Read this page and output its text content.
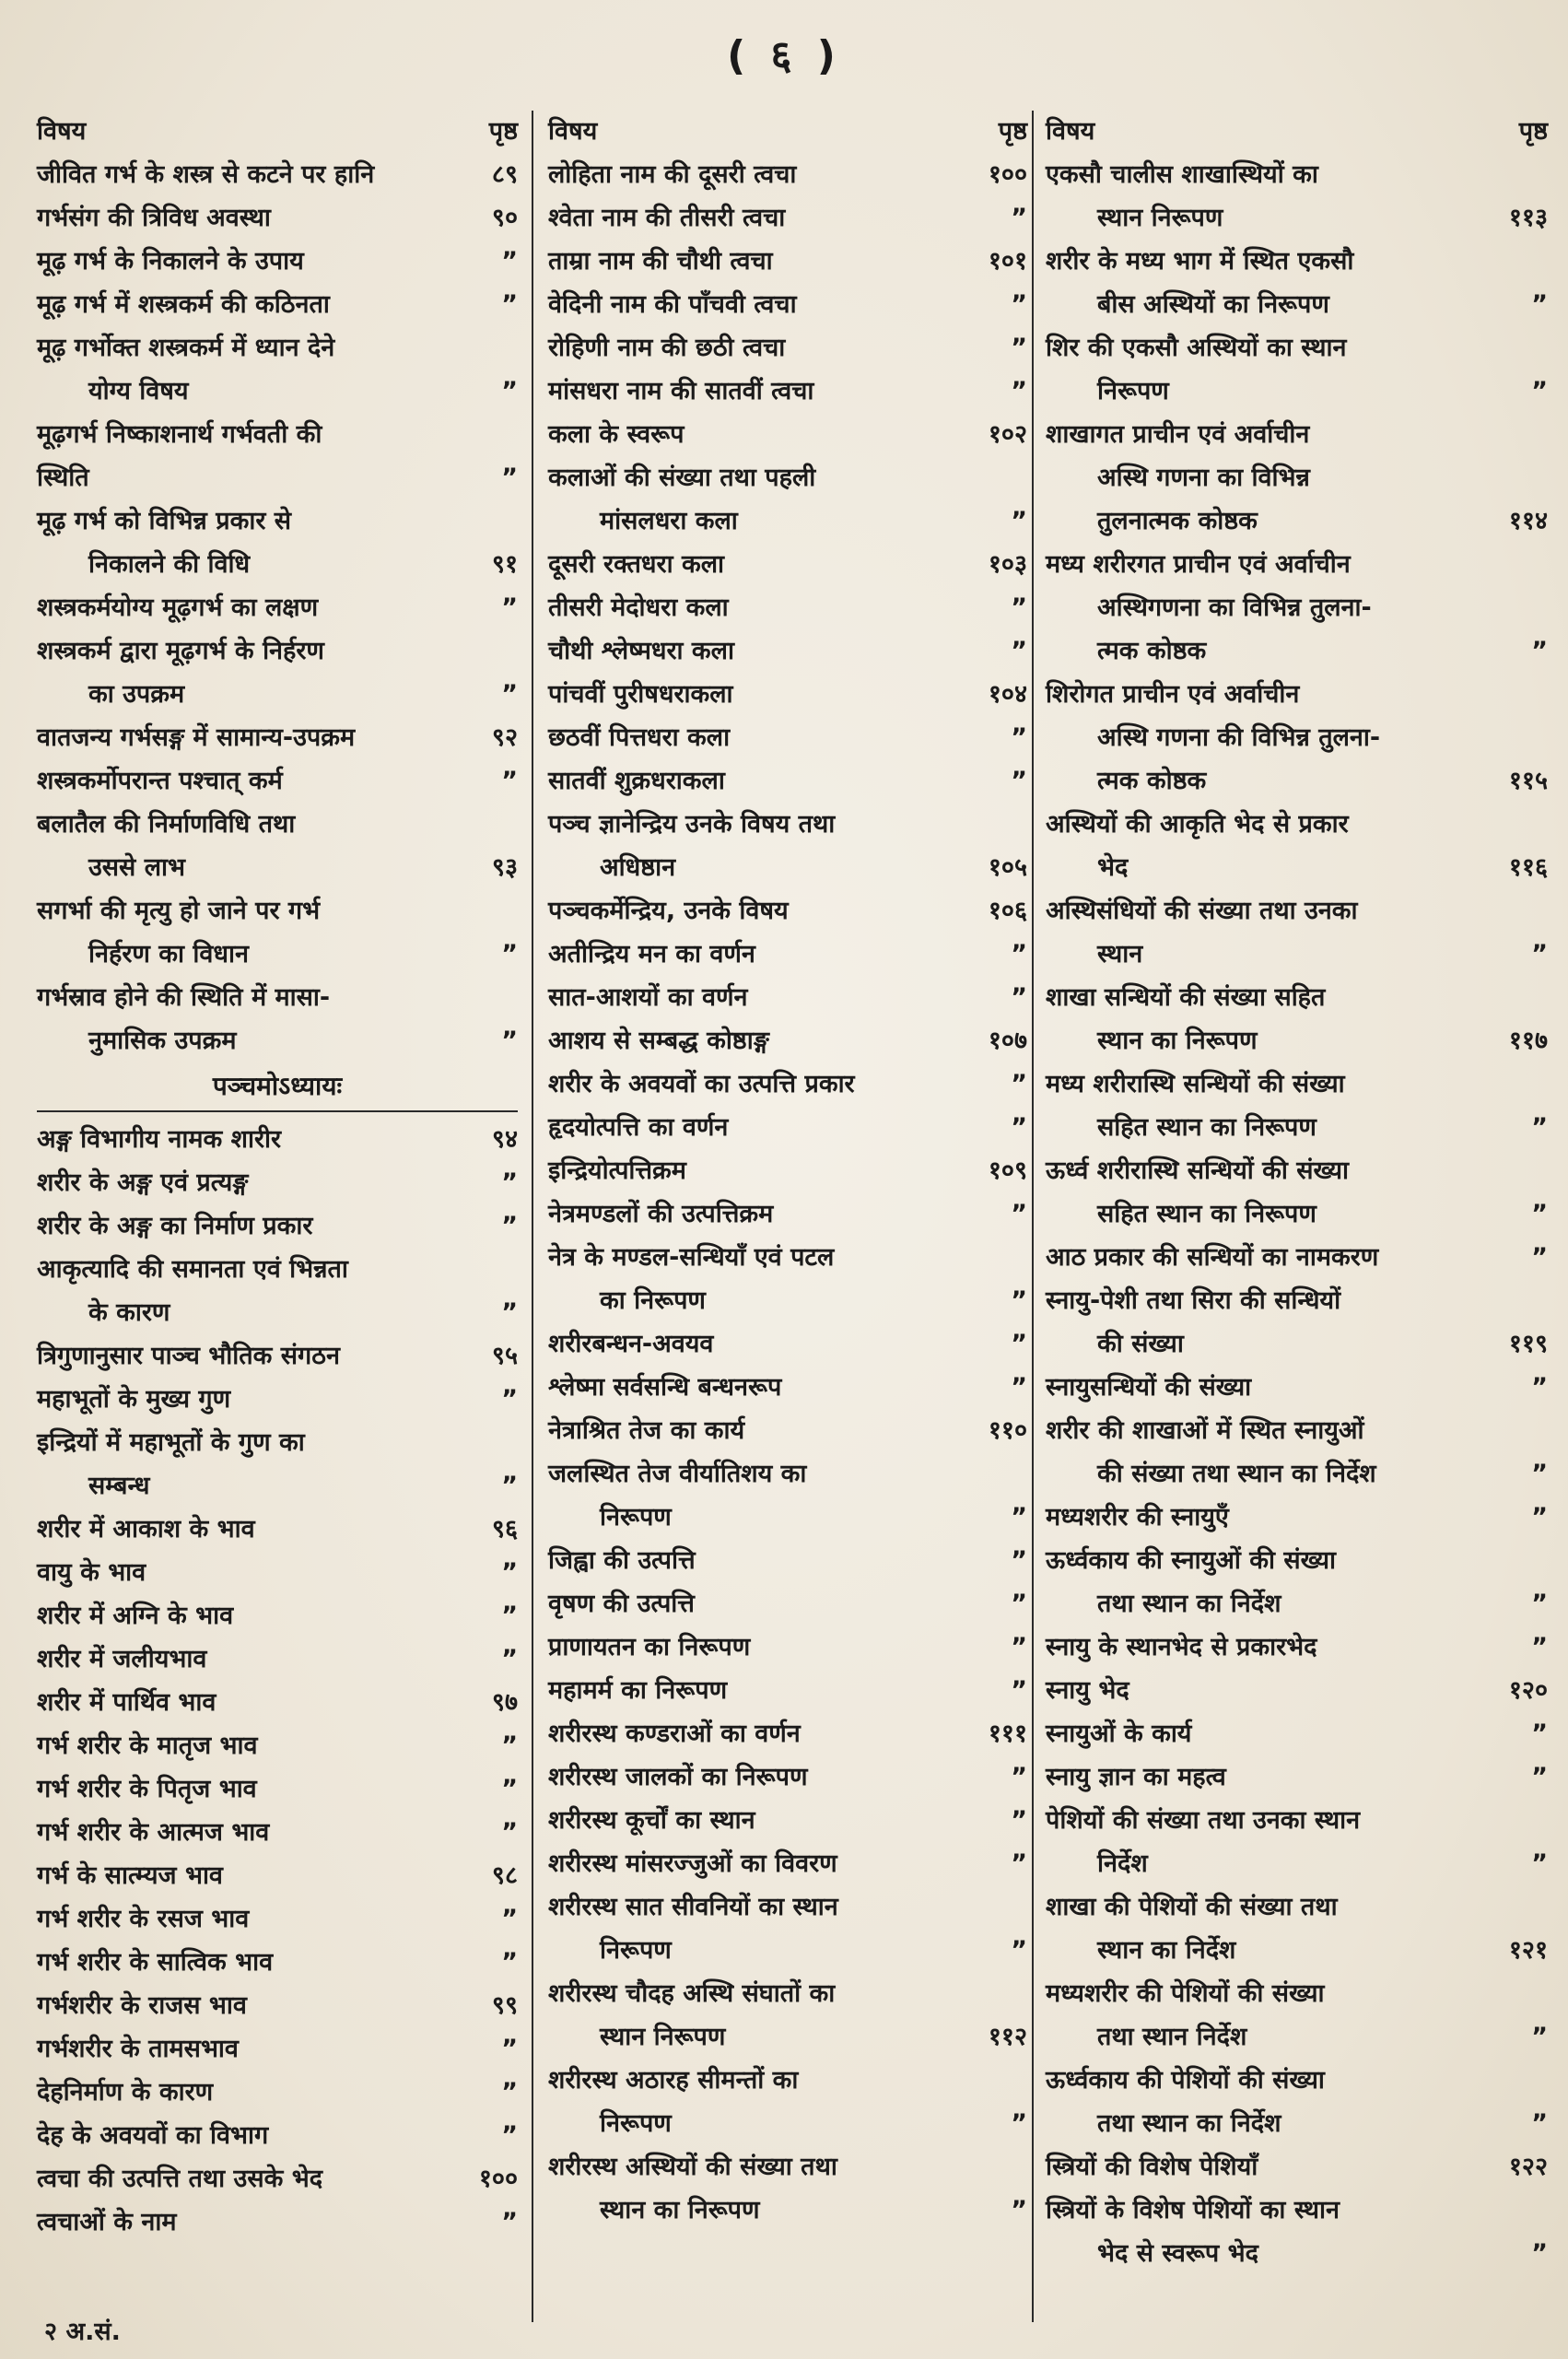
( ६ )
विषय	पृष्ठ
जीवित गर्भ के शस्त्र से कटने पर हानि	८९
गर्भसंग की त्रिविध अवस्था	९०
मूढ़ गर्भ के निकालने के उपाय	”
मूढ़ गर्भ में शस्त्रकर्म की कठिनता	”
मूढ़ गर्भोक्त शस्त्रकर्म में ध्यान देने
योग्य विषय	”
मूढ़गर्भ निष्काशनार्थ गर्भवती की
स्थिति	”
मूढ़ गर्भ को विभिन्न प्रकार से
निकालने की विधि	९१
शस्त्रकर्मयोग्य मूढ़गर्भ का लक्षण	”
शस्त्रकर्म द्वारा मूढ़गर्भ के निर्हरण
का उपक्रम	”
वातजन्य गर्भसङ्ग में सामान्य-उपक्रम	९२
शस्त्रकर्मोपरान्त पश्चात् कर्म	”
बलातैल की निर्माणविधि तथा
उससे लाभ	९३
सगर्भा की मृत्यु हो जाने पर गर्भ
निर्हरण का विधान	”
गर्भस्राव होने की स्थिति में मासा-
नुमासिक उपक्रम	”
पञ्चमोऽध्यायः
अङ्ग विभागीय नामक शारीर	९४
शरीर के अङ्ग एवं प्रत्यङ्ग	”
शरीर के अङ्ग का निर्माण प्रकार	”
आकृत्यादि की समानता एवं भिन्नता
के कारण	”
त्रिगुणानुसार पाञ्च भौतिक संगठन	९५
महाभूतों के मुख्य गुण	”
इन्द्रियों में महाभूतों के गुण का
सम्बन्ध	”
शरीर में आकाश के भाव	९६
वायु के भाव	”
शरीर में अग्नि के भाव	”
शरीर में जलीयभाव	”
शरीर में पार्थिव भाव	९७
गर्भ शरीर के मातृज भाव	”
गर्भ शरीर के पितृज भाव	”
गर्भ शरीर के आत्मज भाव	”
गर्भ के सात्म्यज भाव	९८
गर्भ शरीर के रसज भाव	”
गर्भ शरीर के सात्विक भाव	”
गर्भशरीर के राजस भाव	९९
गर्भशरीर के तामसभाव	”
देहनिर्माण के कारण	”
देह के अवयवों का विभाग	”
त्वचा की उत्पत्ति तथा उसके भेद	१००
त्वचाओं के नाम	”
विषय	पृष्ठ
लोहिता नाम की दूसरी त्वचा	१००
श्वेता नाम की तीसरी त्वचा	”
ताम्रा नाम की चौथी त्वचा	१०१
वेदिनी नाम की पाँचवी त्वचा	”
रोहिणी नाम की छठी त्वचा	”
मांसधरा नाम की सातवीं त्वचा	”
कला के स्वरूप	१०२
कलाओं की संख्या तथा पहली
मांसलधरा कला	”
दूसरी रक्तधरा कला	१०३
तीसरी मेदोधरा कला	”
चौथी श्लेष्मधरा कला	”
पांचवीं पुरीषधराकला	१०४
छठवीं पित्तधरा कला	”
सातवीं शुक्रधराकला	”
पञ्च ज्ञानेन्द्रिय उनके विषय तथा
अधिष्ठान	१०५
पञ्चकर्मेन्द्रिय, उनके विषय	१०६
अतीन्द्रिय मन का वर्णन	”
सात-आशयों का वर्णन	”
आशय से सम्बद्ध कोष्ठाङ्ग	१०७
शरीर के अवयवों का उत्पत्ति प्रकार	”
हृदयोत्पत्ति का वर्णन	”
इन्द्रियोत्पत्तिक्रम	१०९
नेत्रमण्डलों की उत्पत्तिक्रम	”
नेत्र के मण्डल-सन्धियाँ एवं पटल
का निरूपण	”
शरीरबन्धन-अवयव	”
श्लेष्मा सर्वसन्धि बन्धनरूप	”
नेत्राश्रित तेज का कार्य	११०
जलस्थित तेज वीर्यातिशय का
निरूपण	”
जिह्वा की उत्पत्ति	”
वृषण की उत्पत्ति	”
प्राणायतन का निरूपण	”
महामर्म का निरूपण	”
शरीरस्थ कण्डराओं का वर्णन	१११
शरीरस्थ जालकों का निरूपण	”
शरीरस्थ कूर्चों का स्थान	”
शरीरस्थ मांसरज्जुओं का विवरण	”
शरीरस्थ सात सीवनियों का स्थान
निरूपण	”
शरीरस्थ चौदह अस्थि संघातों का
स्थान निरूपण	११२
शरीरस्थ अठारह सीमन्तों का
निरूपण	”
शरीरस्थ अस्थियों की संख्या तथा
स्थान का निरूपण	”
विषय	पृष्ठ
एकसौ चालीस शाखास्थियों का
स्थान निरूपण	११३
शरीर के मध्य भाग में स्थित एकसौ
बीस अस्थियों का निरूपण	”
शिर की एकसौ अस्थियों का स्थान
निरूपण	”
शाखागत प्राचीन एवं अर्वाचीन
अस्थि गणना का विभिन्न
तुलनात्मक कोष्ठक	११४
मध्य शरीरगत प्राचीन एवं अर्वाचीन
अस्थिगणना का विभिन्न तुलना-
त्मक कोष्ठक	”
शिरोगत प्राचीन एवं अर्वाचीन
अस्थि गणना की विभिन्न तुलना-
त्मक कोष्ठक	११५
अस्थियों की आकृति भेद से प्रकार
भेद	११६
अस्थिसंधियों की संख्या तथा उनका
स्थान	”
शाखा सन्धियों की संख्या सहित
स्थान का निरूपण	११७
मध्य शरीरास्थि सन्धियों की संख्या
सहित स्थान का निरूपण	”
ऊर्ध्व शरीरास्थि सन्धियों की संख्या
सहित स्थान का निरूपण	”
आठ प्रकार की सन्धियों का नामकरण	”
स्नायु-पेशी तथा सिरा की सन्धियों
की संख्या	११९
स्नायुसन्धियों की संख्या	”
शरीर की शाखाओं में स्थित स्नायुओं
की संख्या तथा स्थान का निर्देश	”
मध्यशरीर की स्नायुएँ	”
ऊर्ध्वकाय की स्नायुओं की संख्या
तथा स्थान का निर्देश	”
स्नायु के स्थानभेद से प्रकारभेद	”
स्नायु भेद	१२०
स्नायुओं के कार्य	”
स्नायु ज्ञान का महत्व	”
पेशियों की संख्या तथा उनका स्थान
निर्देश	”
शाखा की पेशियों की संख्या तथा
स्थान का निर्देश	१२१
मध्यशरीर की पेशियों की संख्या
तथा स्थान निर्देश	”
ऊर्ध्वकाय की पेशियों की संख्या
तथा स्थान का निर्देश	”
स्त्रियों की विशेष पेशियाँ	१२२
स्त्रियों के विशेष पेशियों का स्थान
भेद से स्वरूप भेद	”
२ अ.सं.
